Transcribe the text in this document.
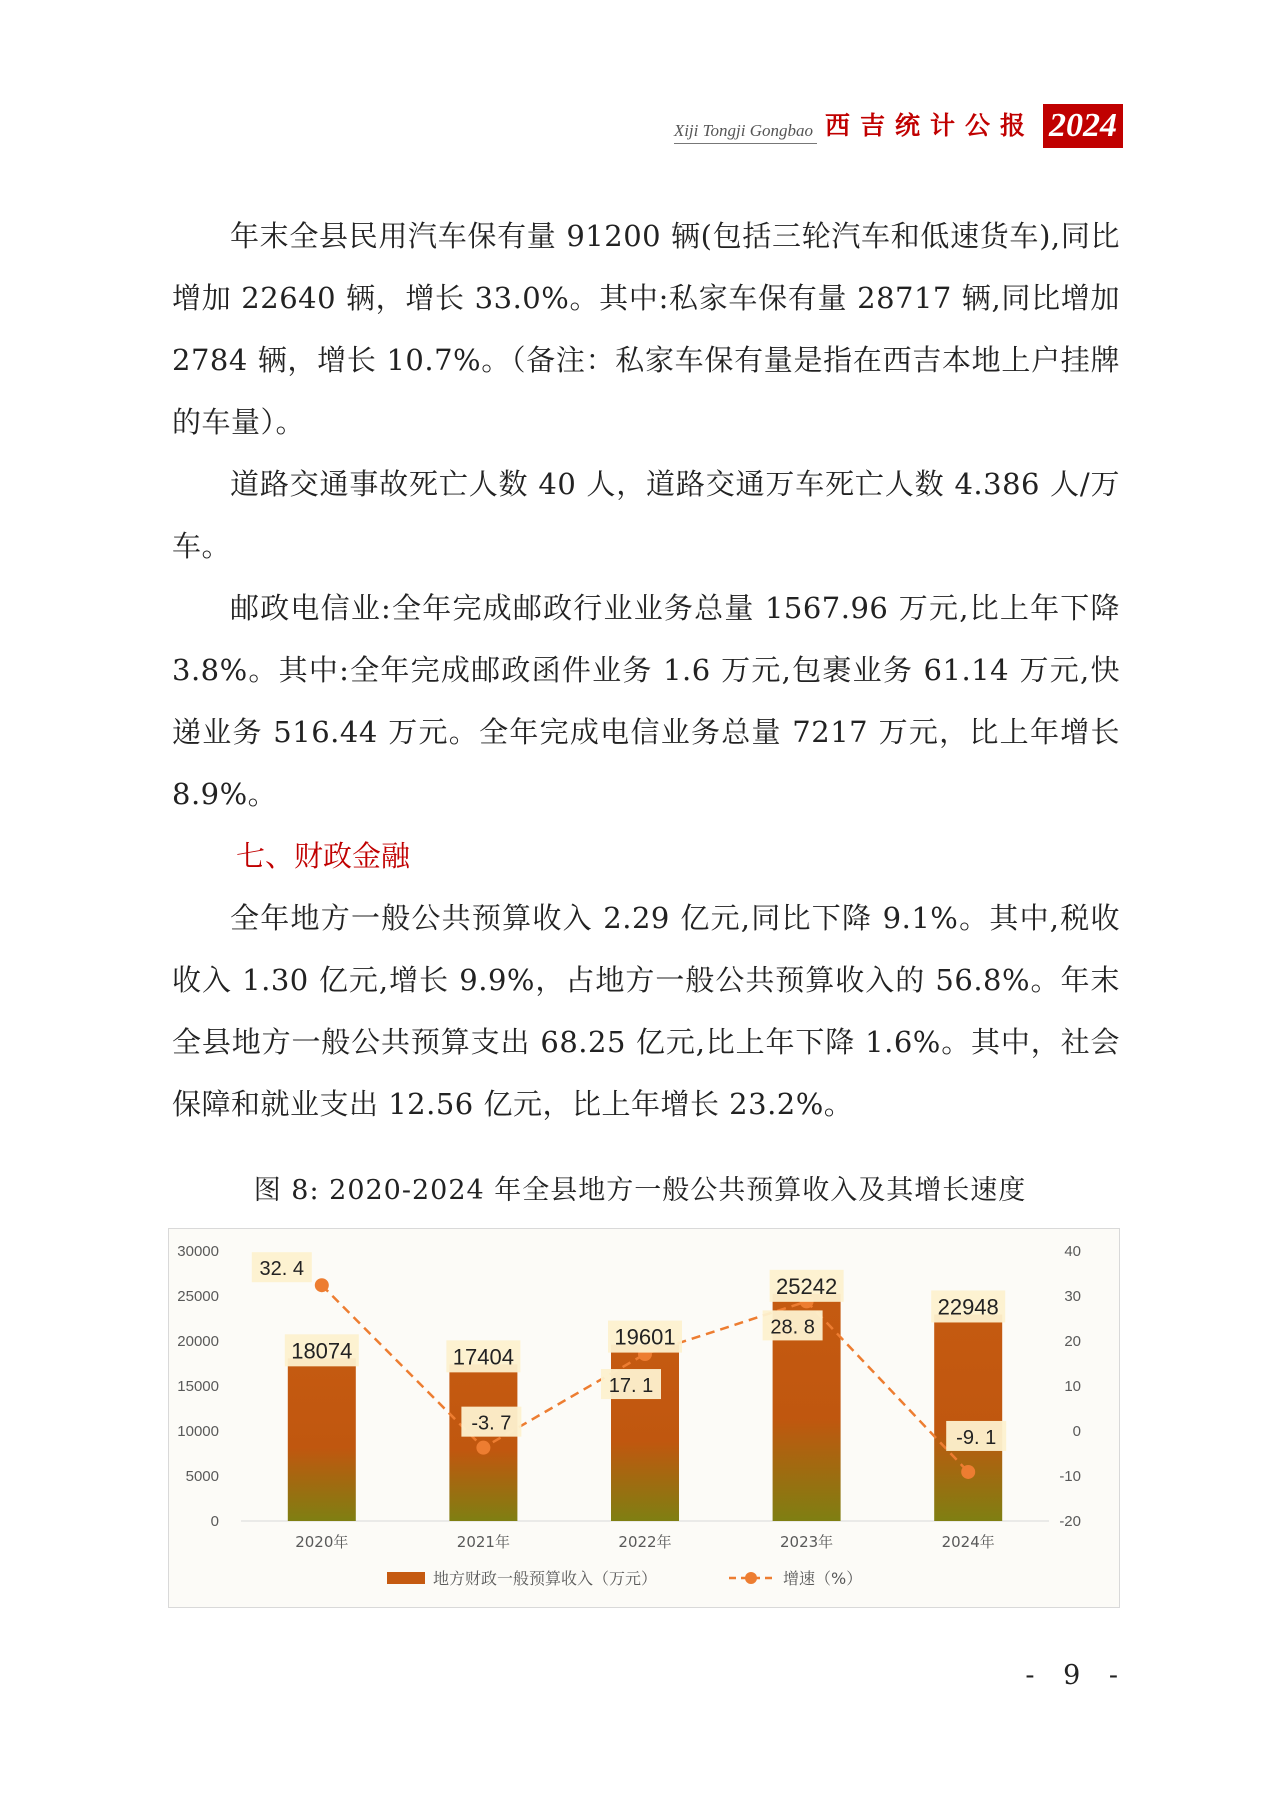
Xiji Tongji Gongbao 西吉统计公报 2024

年末全县民用汽车保有量 91200 辆(包括三轮汽车和低速货车),同比增加 22640 辆，增长 33.0%。其中:私家车保有量 28717 辆,同比增加 2784 辆，增长 10.7%。（备注：私家车保有量是指在西吉本地上户挂牌的车量）。

道路交通事故死亡人数 40 人，道路交通万车死亡人数 4.386 人/万车。

邮政电信业:全年完成邮政行业业务总量 1567.96 万元,比上年下降 3.8%。其中:全年完成邮政函件业务 1.6 万元,包裹业务 61.14 万元,快递业务 516.44 万元。全年完成电信业务总量 7217 万元，比上年增长 8.9%。

七、财政金融

全年地方一般公共预算收入 2.29 亿元,同比下降 9.1%。其中,税收收入 1.30 亿元,增长 9.9%，占地方一般公共预算收入的 56.8%。年末全县地方一般公共预算支出 68.25 亿元,比上年下降 1.6%。其中，社会保障和就业支出 12.56 亿元，比上年增长 23.2%。

图 8: 2020-2024 年全县地方一般公共预算收入及其增长速度
0
5000
10000
15000
20000
25000
30000
-20
-10
0
10
20
30
40
2020年	2021年	2022年	2023年	2024年
18074	17404
19601
25242
22948
32. 4
-3. 7
17. 1
28. 8
-9. 1
地方财政一般预算收入（万元）	增速（%）
- 9 -
